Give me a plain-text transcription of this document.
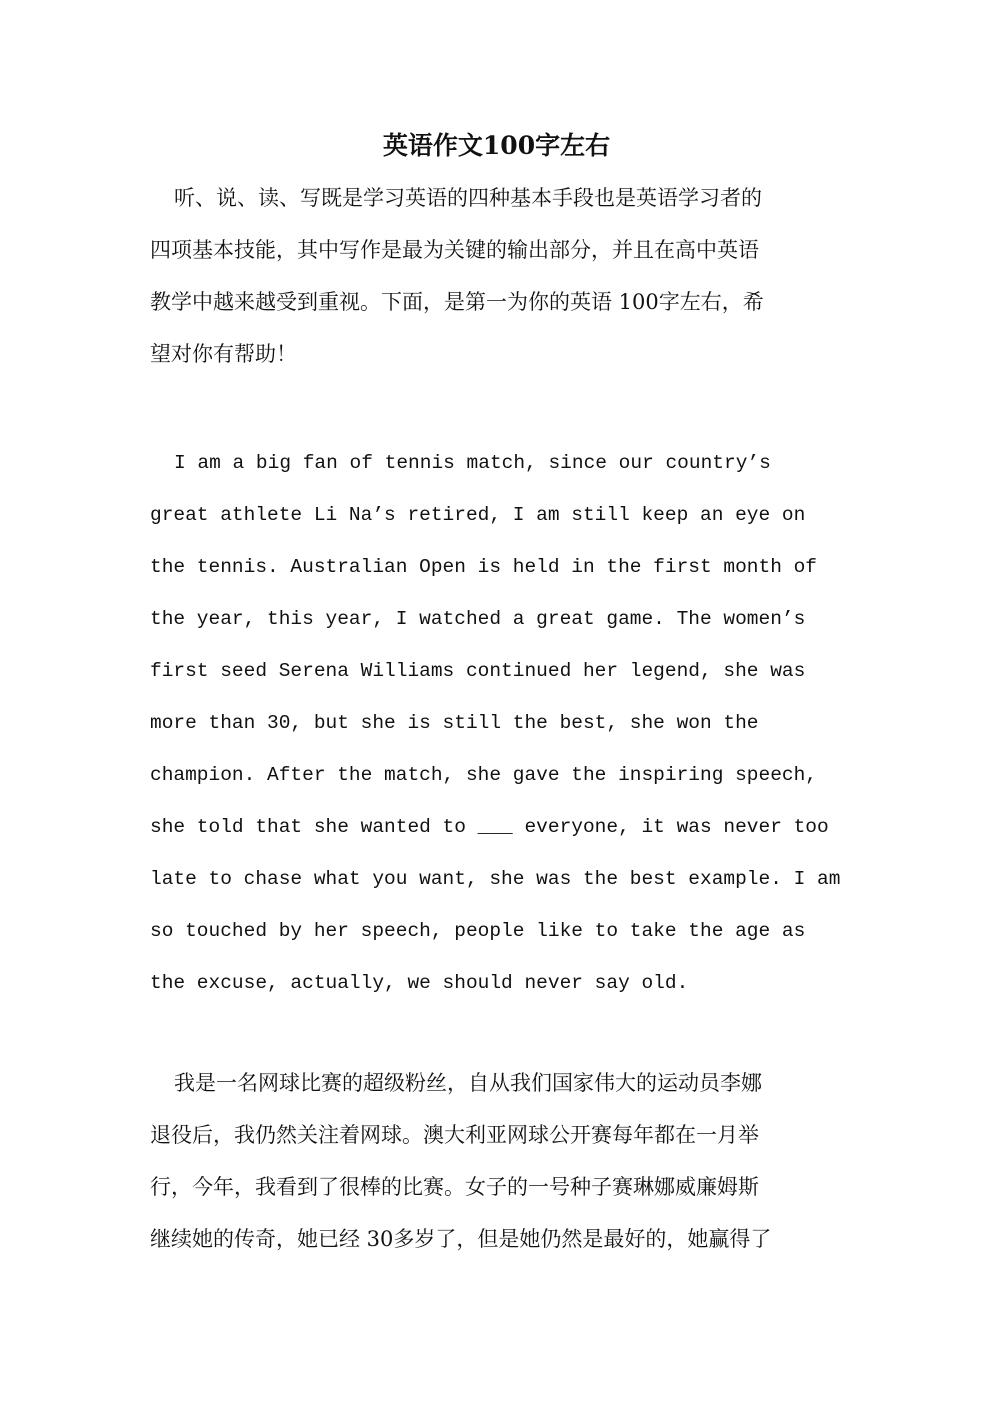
英语作文100字左右
听、说、读、写既是学习英语的四种基本手段也是英语学习者的
四项基本技能，其中写作是最为关键的输出部分，并且在高中英语
教学中越来越受到重视。下面，是第一为你的英语 100字左右，希
望对你有帮助！
I am a big fan of tennis match, since our country’s
great athlete Li Na’s retired, I am still keep an eye on
the tennis. Australian Open is held in the first month of
the year, this year, I watched a great game. The women’s
first seed Serena Williams continued her legend, she was
more than 30, but she is still the best, she won the
champion. After the match, she gave the inspiring speech,
she told that she wanted to ___ everyone, it was never too
late to chase what you want, she was the best example. I am
so touched by her speech, people like to take the age as
the excuse, actually, we should never say old.
我是一名网球比赛的超级粉丝，自从我们国家伟大的运动员李娜
退役后，我仍然关注着网球。澳大利亚网球公开赛每年都在一月举
行，今年，我看到了很棒的比赛。女子的一号种子赛琳娜威廉姆斯
继续她的传奇，她已经 30多岁了，但是她仍然是最好的，她赢得了
